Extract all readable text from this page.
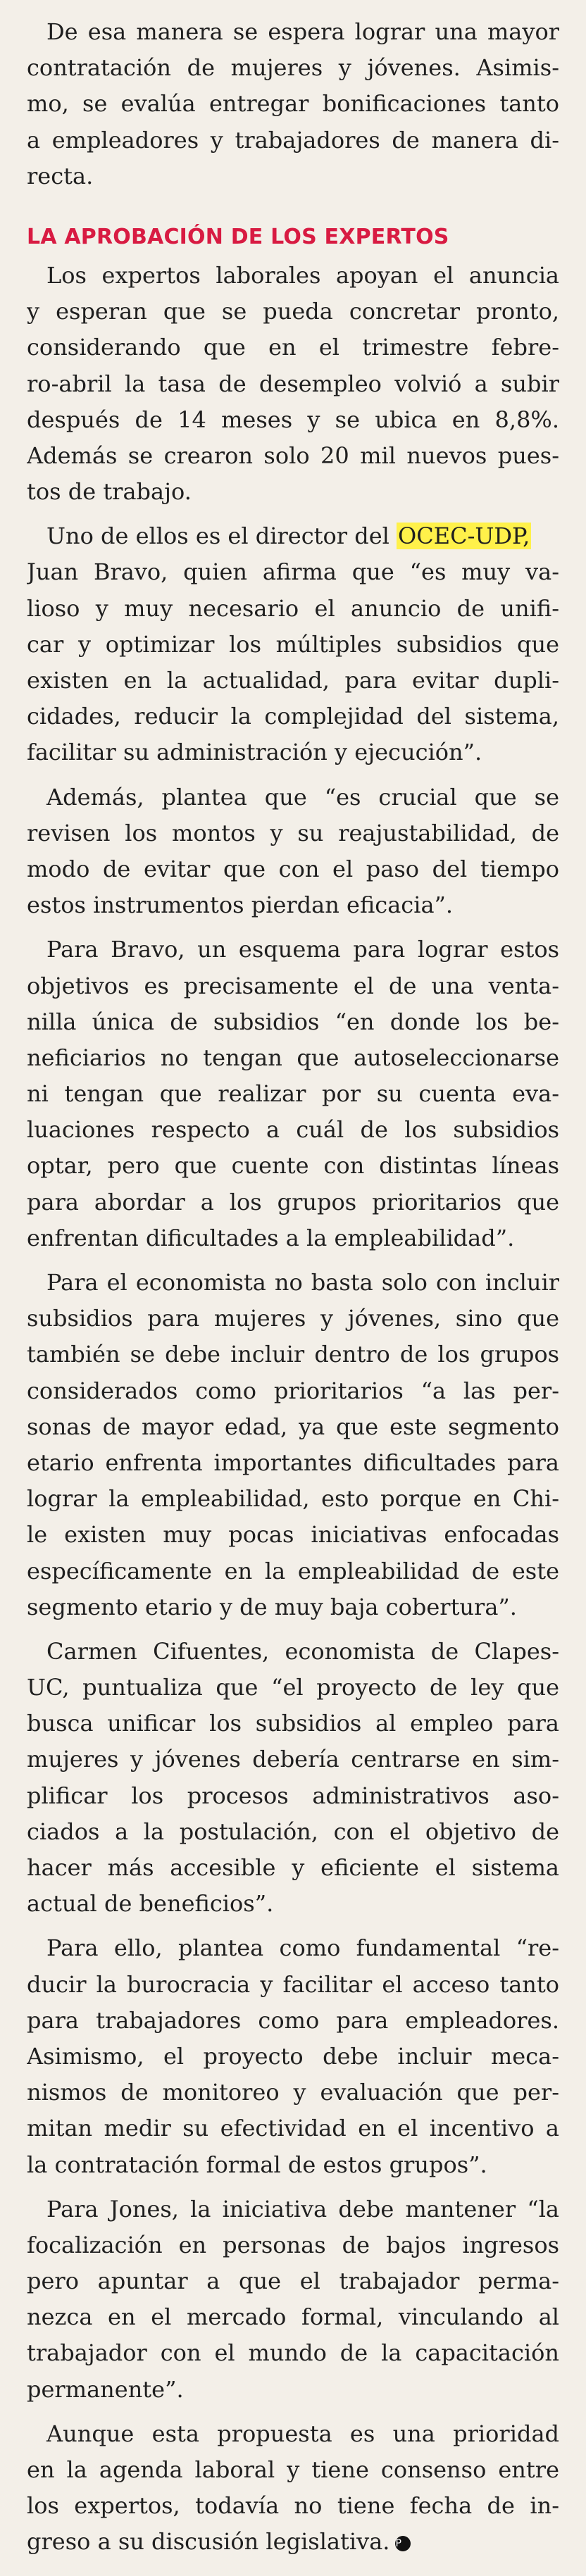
De esa manera se espera lograr una mayor
contratación de mujeres y jóvenes. Asimis-
mo, se evalúa entregar bonificaciones tanto
a empleadores y trabajadores de manera di-
recta.
LA APROBACIÓN DE LOS EXPERTOS
Los expertos laborales apoyan el anuncia
y esperan que se pueda concretar pronto,
considerando que en el trimestre febre-
ro-abril la tasa de desempleo volvió a subir
después de 14 meses y se ubica en 8,8%.
Además se crearon solo 20 mil nuevos pues-
tos de trabajo.
Uno de ellos es el director del OCEC-UDP,
Juan Bravo, quien afirma que “es muy va-
lioso y muy necesario el anuncio de unifi-
car y optimizar los múltiples subsidios que
existen en la actualidad, para evitar dupli-
cidades, reducir la complejidad del sistema,
facilitar su administración y ejecución”.
Además, plantea que “es crucial que se
revisen los montos y su reajustabilidad, de
modo de evitar que con el paso del tiempo
estos instrumentos pierdan eficacia”.
Para Bravo, un esquema para lograr estos
objetivos es precisamente el de una venta-
nilla única de subsidios “en donde los be-
neficiarios no tengan que autoseleccionarse
ni tengan que realizar por su cuenta eva-
luaciones respecto a cuál de los subsidios
optar, pero que cuente con distintas líneas
para abordar a los grupos prioritarios que
enfrentan dificultades a la empleabilidad”.
Para el economista no basta solo con incluir
subsidios para mujeres y jóvenes, sino que
también se debe incluir dentro de los grupos
considerados como prioritarios “a las per-
sonas de mayor edad, ya que este segmento
etario enfrenta importantes dificultades para
lograr la empleabilidad, esto porque en Chi-
le existen muy pocas iniciativas enfocadas
específicamente en la empleabilidad de este
segmento etario y de muy baja cobertura”.
Carmen Cifuentes, economista de Clapes-
UC, puntualiza que “el proyecto de ley que
busca unificar los subsidios al empleo para
mujeres y jóvenes debería centrarse en sim-
plificar los procesos administrativos aso-
ciados a la postulación, con el objetivo de
hacer más accesible y eficiente el sistema
actual de beneficios”.
Para ello, plantea como fundamental “re-
ducir la burocracia y facilitar el acceso tanto
para trabajadores como para empleadores.
Asimismo, el proyecto debe incluir meca-
nismos de monitoreo y evaluación que per-
mitan medir su efectividad en el incentivo a
la contratación formal de estos grupos”.
Para Jones, la iniciativa debe mantener “la
focalización en personas de bajos ingresos
pero apuntar a que el trabajador perma-
nezca en el mercado formal, vinculando al
trabajador con el mundo de la capacitación
permanente”.
Aunque esta propuesta es una prioridad
en la agenda laboral y tiene consenso entre
los expertos, todavía no tiene fecha de in-
greso a su discusión legislativa. P
